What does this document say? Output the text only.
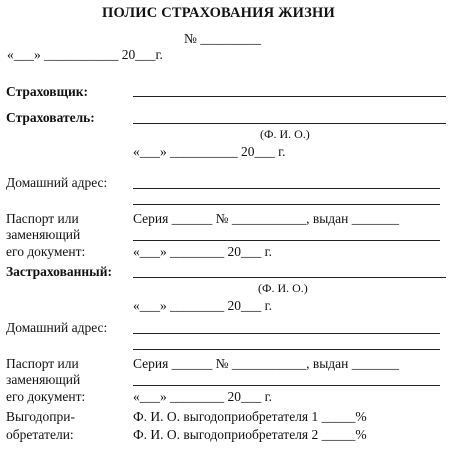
ПОЛИС СТРАХОВАНИЯ ЖИЗНИ
№ _________
«___» ___________ 20___г.
Страховщик:
Страхователь:
(Ф. И. О.)
«___» __________ 20___ г.
Домашний адрес:
Паспорт или
заменяющий
его документ:
Серия ______ № ___________, выдан _______
«___» ________ 20___ г.
Застрахованный:
(Ф. И. О.)
«___» ________ 20___ г.
Домашний адрес:
Паспорт или
заменяющий
его документ:
Серия ______ № ___________, выдан _______
«___» ________ 20___ г.
Выгодопри-
обретатели:
Ф. И. О. выгодоприобретателя 1 _____%
Ф. И. О. выгодоприобретателя 2 _____%
